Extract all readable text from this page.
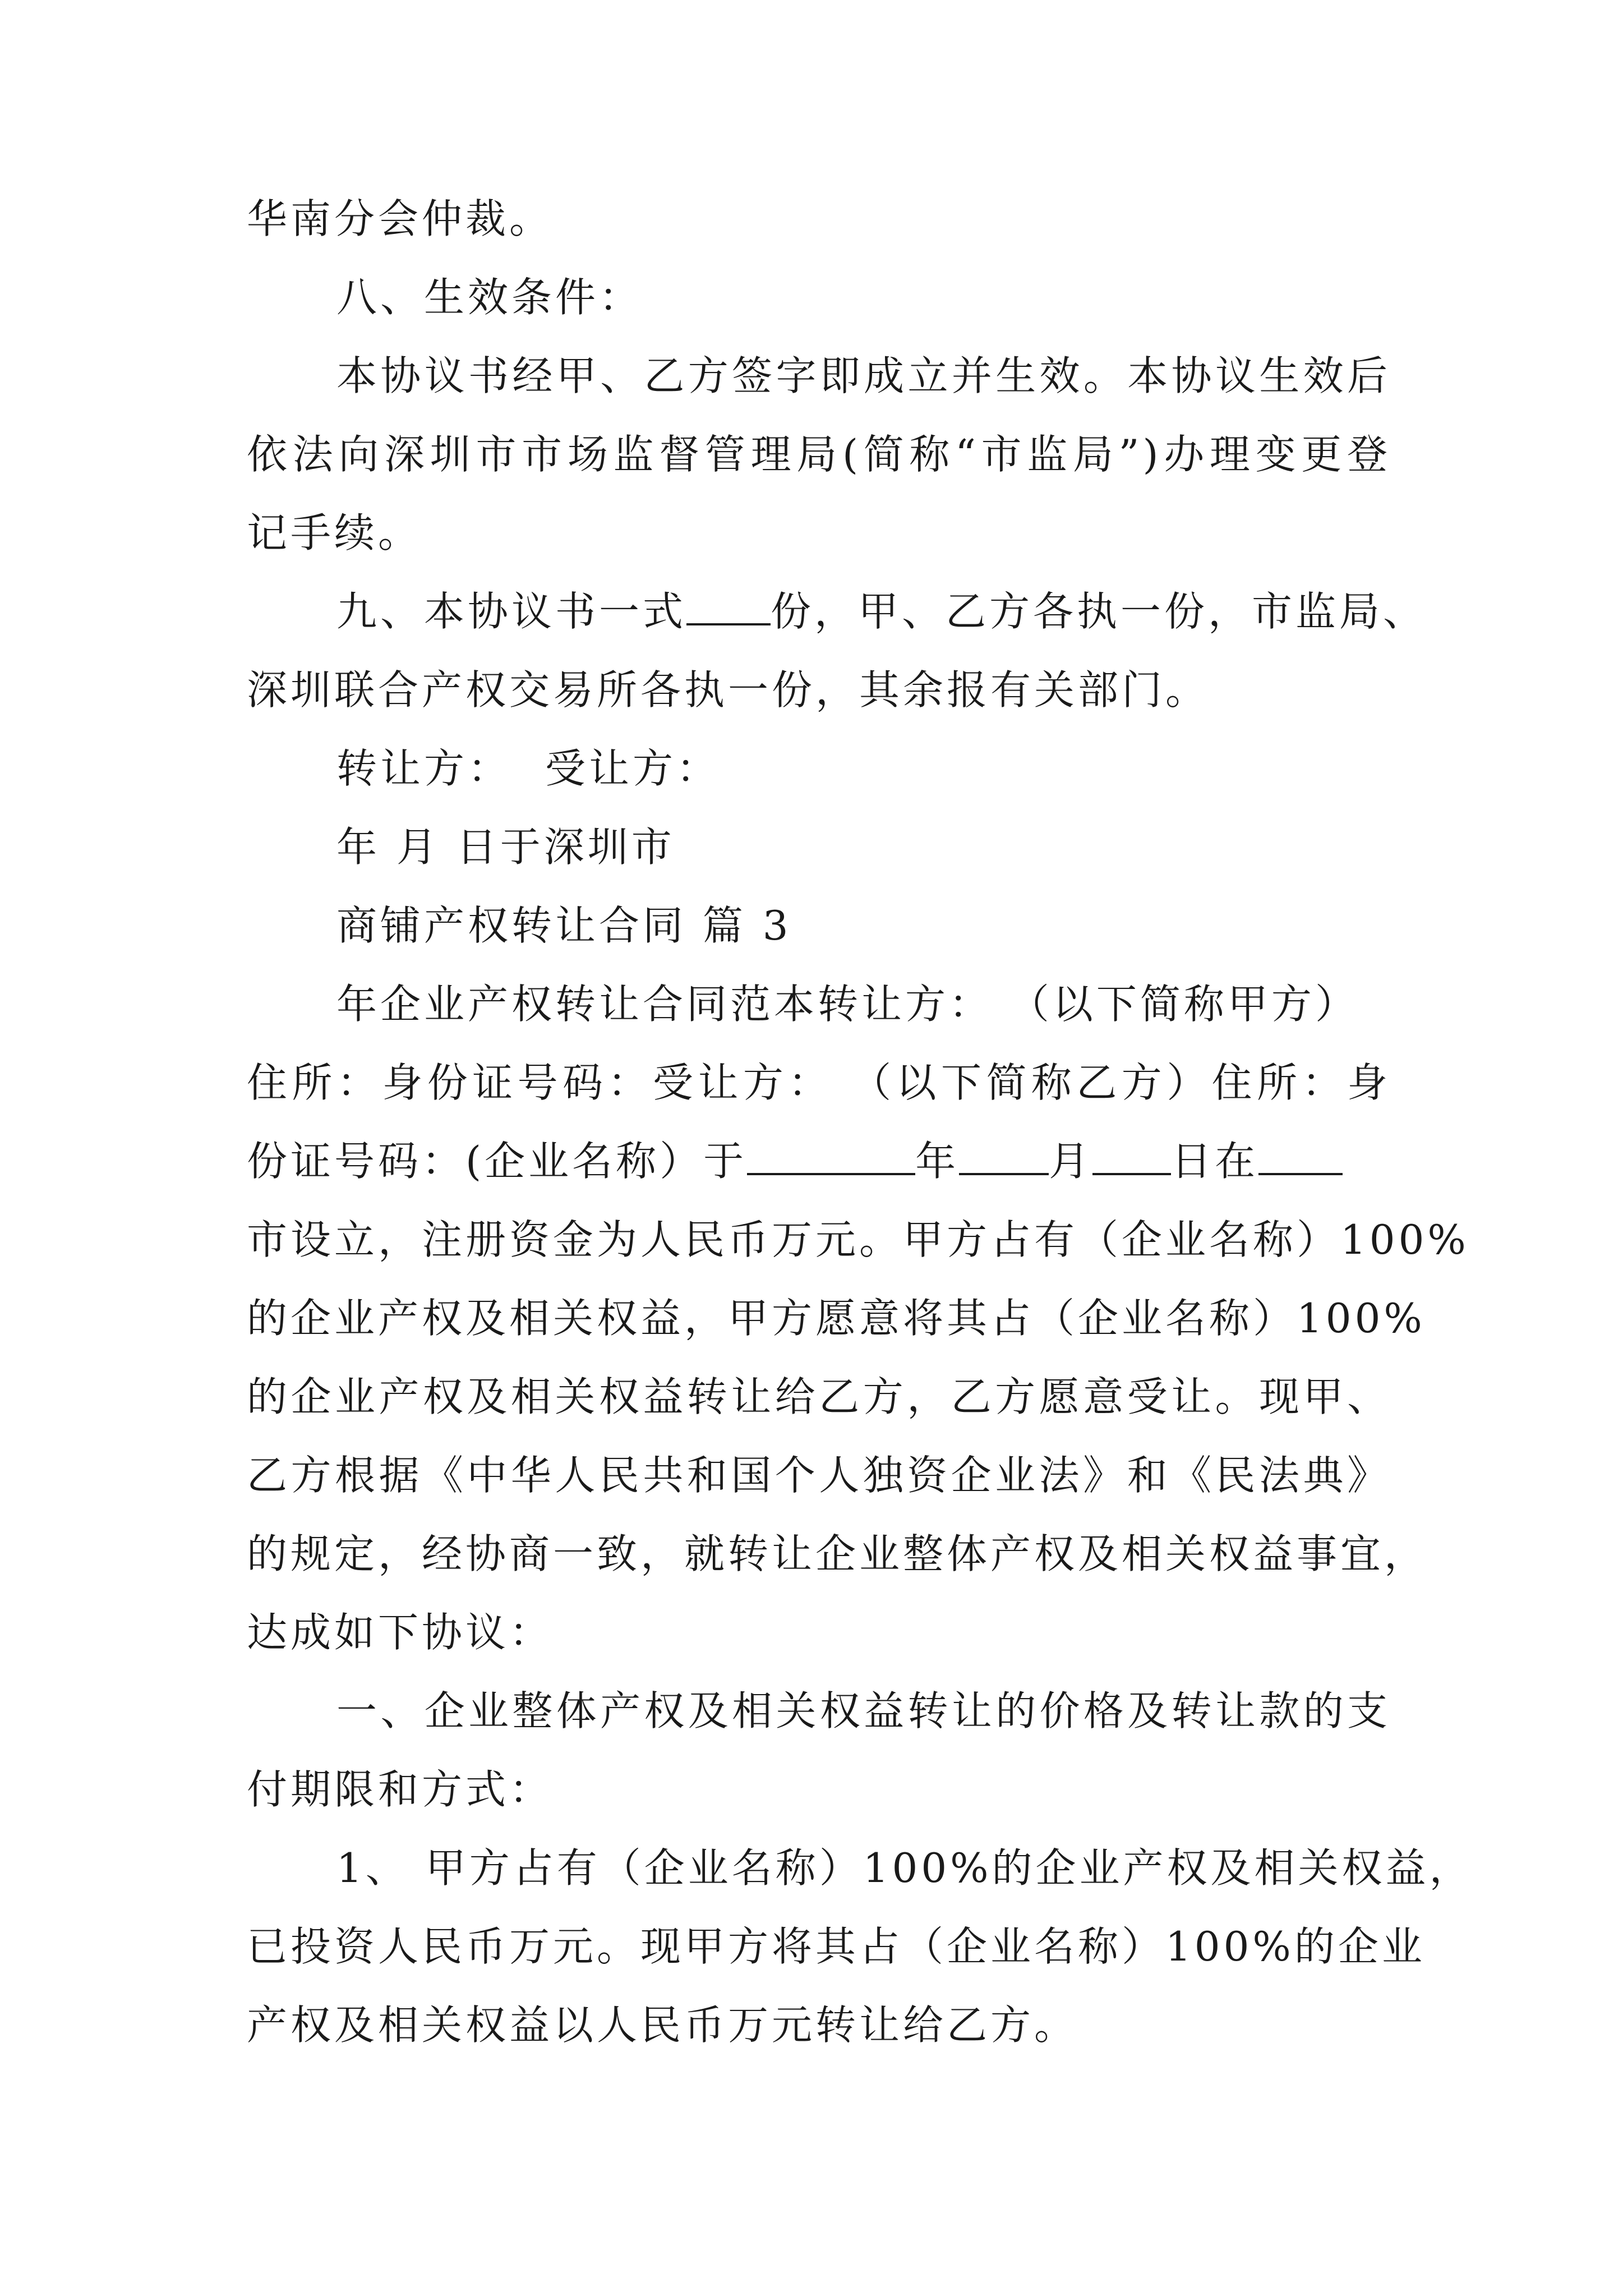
华南分会仲裁。
八、生效条件：
本协议书经甲、乙方签字即成立并生效。本协议生效后
依法向深圳市市场监督管理局(简称“市监局”)办理变更登
记手续。
九、本协议书一式 份，甲、乙方各执一份，市监局、
深圳联合产权交易所各执一份，其余报有关部门。
转让方： 受让方：
年 月 日于深圳市
商铺产权转让合同 篇 3
年企业产权转让合同范本转让方： （以下简称甲方）
住所：身份证号码：受让方： （以下简称乙方）住所：身
份证号码：(企业名称）于	年 月 日在
市设立，注册资金为人民币万元。甲方占有（企业名称）100%
的企业产权及相关权益，甲方愿意将其占（企业名称）100%
的企业产权及相关权益转让给乙方，乙方愿意受让。现甲、
乙方根据《中华人民共和国个人独资企业法》和《民法典》
的规定，经协商一致，就转让企业整体产权及相关权益事宜，
达成如下协议：
一、企业整体产权及相关权益转让的价格及转让款的支
付期限和方式：
1、 甲方占有（企业名称）100%的企业产权及相关权益，
已投资人民币万元。现甲方将其占（企业名称）100%的企业
产权及相关权益以人民币万元转让给乙方。
